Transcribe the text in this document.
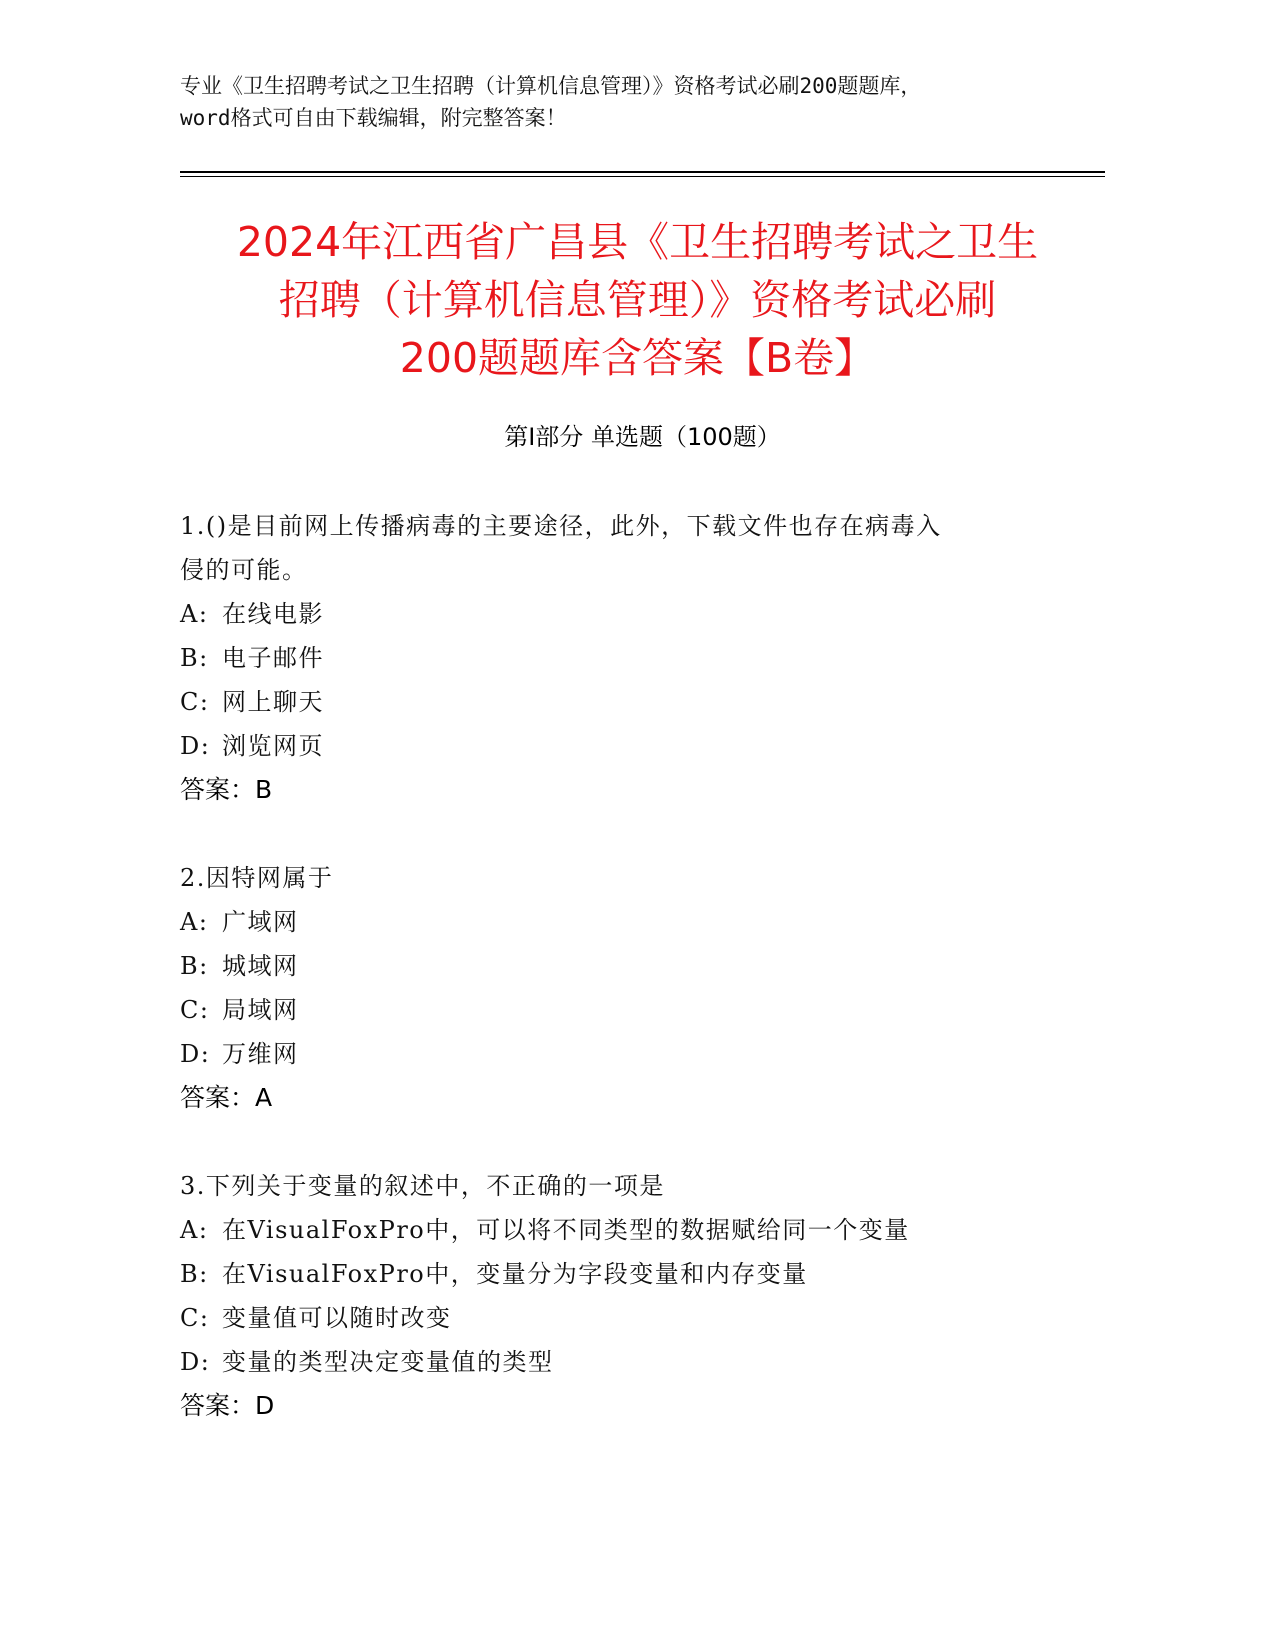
专业《卫生招聘考试之卫生招聘（计算机信息管理）》资格考试必刷200题题库，
word格式可自由下载编辑，附完整答案！
2024年江西省广昌县《卫生招聘考试之卫生
招聘（计算机信息管理）》资格考试必刷
200题题库含答案【B卷】
第Ⅰ部分 单选题（100题）
1.()是目前网上传播病毒的主要途径，此外，下载文件也存在病毒入
侵的可能。
A: 在线电影
B: 电子邮件
C: 网上聊天
D: 浏览网页
答案：B
2.因特网属于
A: 广域网
B: 城域网
C: 局域网
D: 万维网
答案：A
3.下列关于变量的叙述中，不正确的一项是
A: 在VisualFoxPro中，可以将不同类型的数据赋给同一个变量
B: 在VisualFoxPro中，变量分为字段变量和内存变量
C: 变量值可以随时改变
D: 变量的类型决定变量值的类型
答案：D
